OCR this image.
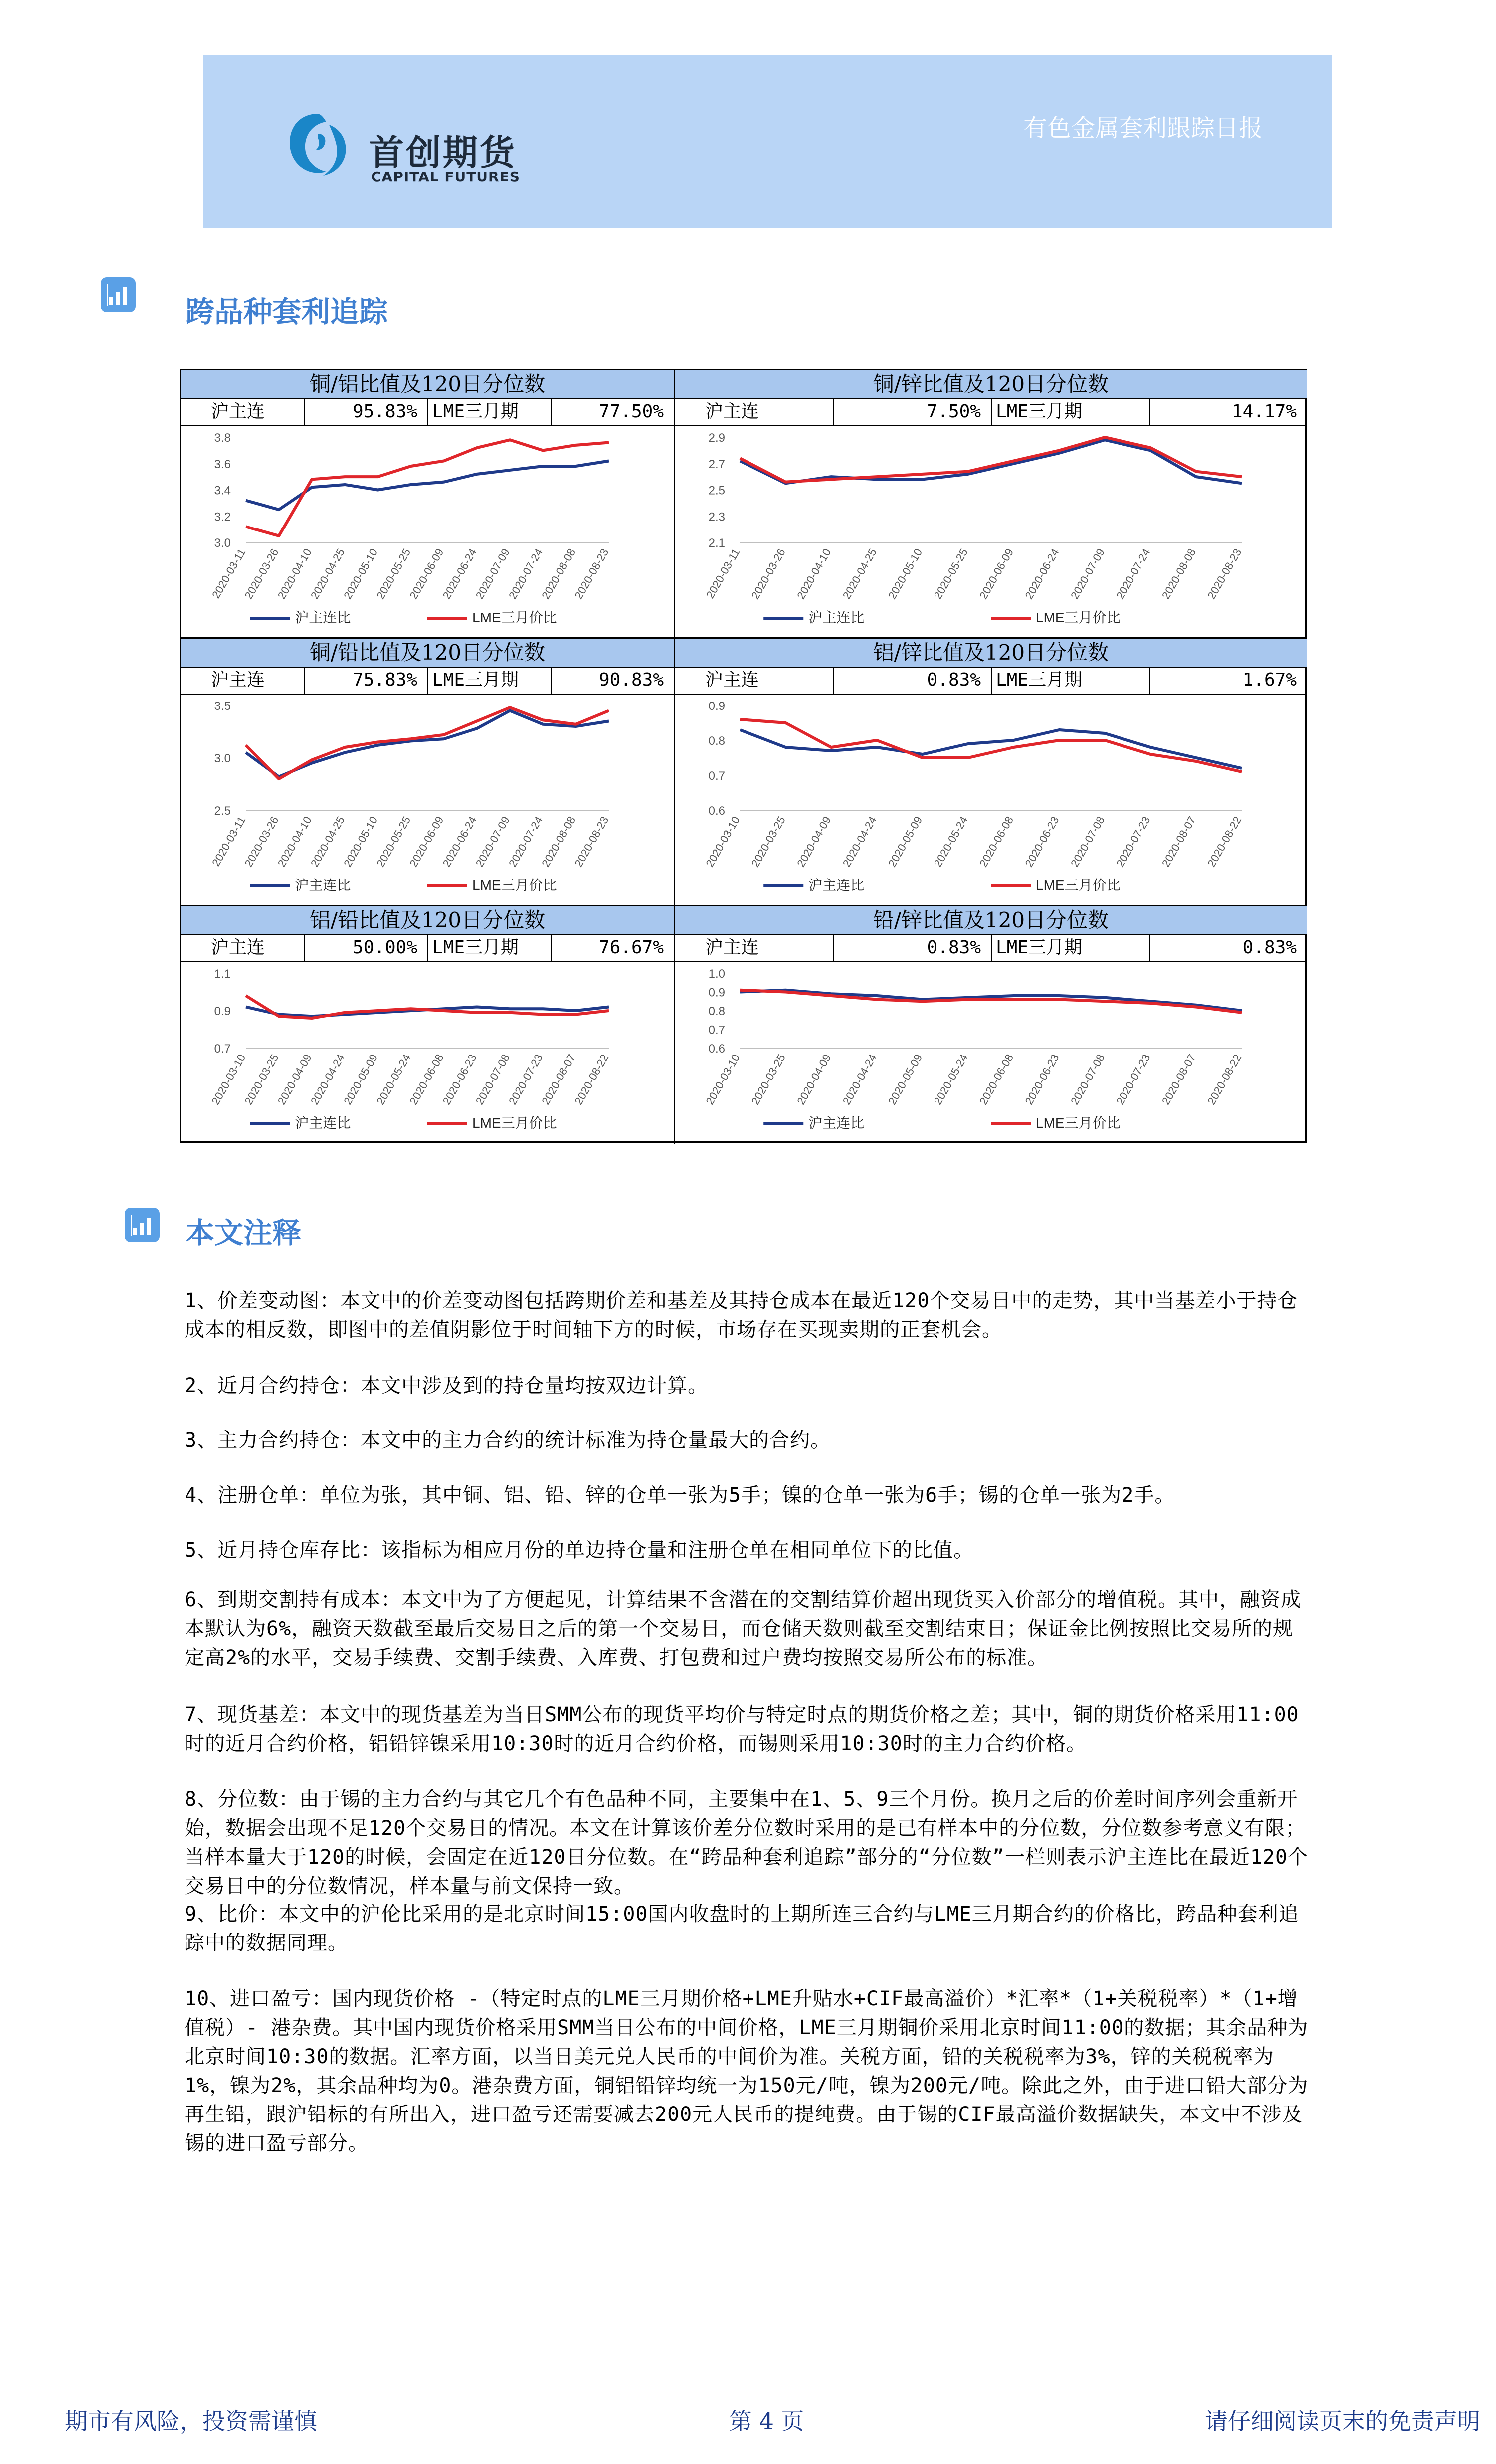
首创期货
CAPITAL FUTURES
有色金属套利跟踪日报
跨品种套利追踪
铜/铝比值及120日分位数
沪主连	95.83% LME三月期	77.50%
3.8
3.6
3.4
3.2
3.0
2020-03-11
2020-03-26
2020-04-10
2020-04-25
2020-05-10
2020-05-25
2020-06-09
2020-06-24
2020-07-09
2020-07-24
2020-08-08
2020-08-23
沪主连比	LME三月价比
铜/锌比值及120日分位数
沪主连	7.50% LME三月期	14.17%
2.9
2.7
2.5
2.3
2.1
2020-03-11 2020-03-26 2020-04-10 2020-04-25 2020-05-10 2020-05-25 2020-06-09 2020-06-24 2020-07-09 2020-07-24 2020-08-08 2020-08-23
沪主连比	LME三月价比
铜/铅比值及120日分位数
沪主连	75.83% LME三月期	90.83%
3.5
3.0
2.5
2020-03-11
2020-03-26
2020-04-10
2020-04-25
2020-05-10
2020-05-25
2020-06-09
2020-06-24
2020-07-09
2020-07-24
2020-08-08
2020-08-23
沪主连比	LME三月价比
铝/锌比值及120日分位数
沪主连	0.83% LME三月期	1.67%
0.9
0.8
0.7
0.6
2020-03-10 2020-03-25 2020-04-09 2020-04-24 2020-05-09 2020-05-24 2020-06-08 2020-06-23 2020-07-08 2020-07-23 2020-08-07 2020-08-22
沪主连比	LME三月价比
铝/铅比值及120日分位数
沪主连	50.00% LME三月期	76.67%
1.1
0.9
0.7
2020-03-10
2020-03-25
2020-04-09
2020-04-24
2020-05-09
2020-05-24
2020-06-08
2020-06-23
2020-07-08
2020-07-23
2020-08-07
2020-08-22
沪主连比	LME三月价比
铅/锌比值及120日分位数
沪主连	0.83% LME三月期	0.83%
1.0
0.9
0.8
0.7
0.6
2020-03-10 2020-03-25 2020-04-09 2020-04-24 2020-05-09 2020-05-24 2020-06-08 2020-06-23 2020-07-08 2020-07-23 2020-08-07 2020-08-22
沪主连比	LME三月价比
本文注释

1、价差变动图：本文中的价差变动图包括跨期价差和基差及其持仓成本在最近120个交易日中的走势，其中当基差小于持仓成本的相反数，即图中的差值阴影位于时间轴下方的时候，市场存在买现卖期的正套机会。

2、近月合约持仓：本文中涉及到的持仓量均按双边计算。

3、主力合约持仓：本文中的主力合约的统计标准为持仓量最大的合约。

4、注册仓单：单位为张，其中铜、铝、铅、锌的仓单一张为5手；镍的仓单一张为6手；锡的仓单一张为2手。

5、近月持仓库存比：该指标为相应月份的单边持仓量和注册仓单在相同单位下的比值。

6、到期交割持有成本：本文中为了方便起见，计算结果不含潜在的交割结算价超出现货买入价部分的增值税。其中，融资成本默认为6%，融资天数截至最后交易日之后的第一个交易日，而仓储天数则截至交割结束日；保证金比例按照比交易所的规定高2%的水平，交易手续费、交割手续费、入库费、打包费和过户费均按照交易所公布的标准。

7、现货基差：本文中的现货基差为当日SMM公布的现货平均价与特定时点的期货价格之差；其中，铜的期货价格采用11:00时的近月合约价格，铝铅锌镍采用10:30时的近月合约价格，而锡则采用10:30时的主力合约价格。

8、分位数：由于锡的主力合约与其它几个有色品种不同，主要集中在1、5、9三个月份。换月之后的价差时间序列会重新开始，数据会出现不足120个交易日的情况。本文在计算该价差分位数时采用的是已有样本中的分位数，分位数参考意义有限；当样本量大于120的时候，会固定在近120日分位数。在“跨品种套利追踪”部分的“分位数”一栏则表示沪主连比在最近120个交易日中的分位数情况，样本量与前文保持一致。

9、比价：本文中的沪伦比采用的是北京时间15:00国内收盘时的上期所连三合约与LME三月期合约的价格比，跨品种套利追踪中的数据同理。

10、进口盈亏：国内现货价格 -（特定时点的LME三月期价格+LME升贴水+CIF最高溢价）*汇率*（1+关税税率）*（1+增值税）- 港杂费。其中国内现货价格采用SMM当日公布的中间价格，LME三月期铜价采用北京时间11:00的数据；其余品种为北京时间10:30的数据。汇率方面，以当日美元兑人民币的中间价为准。关税方面，铅的关税税率为3%，锌的关税税率为1%，镍为2%，其余品种均为0。港杂费方面，铜铝铅锌均统一为150元/吨，镍为200元/吨。除此之外，由于进口铅大部分为再生铅，跟沪铅标的有所出入，进口盈亏还需要减去200元人民币的提纯费。由于锡的CIF最高溢价数据缺失，本文中不涉及锡的进口盈亏部分。

期市有风险，投资需谨慎	第 4 页	请仔细阅读页末的免责声明
